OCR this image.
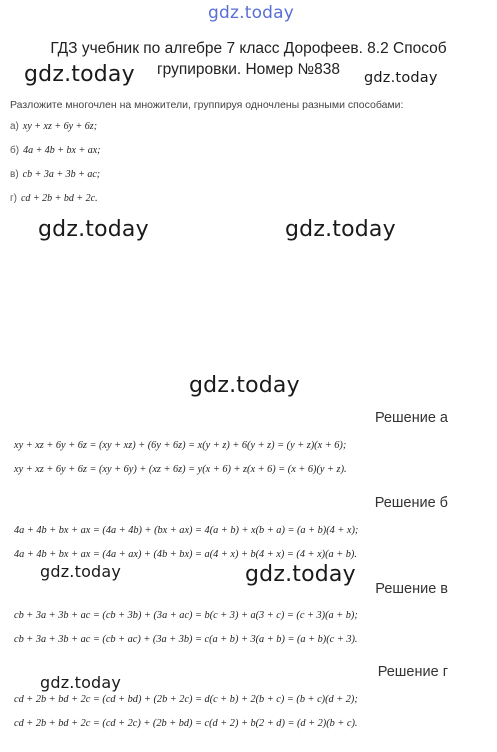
gdz.today
gdz.today	gdz.today
gdz.today	gdz.today
gdz.today
gdz.today	gdz.today
gdz.today
ГДЗ учебник по алгебре 7 класс Дорофеев. 8.2 Способ
групировки. Номер №838
Разложите многочлен на множители, группируя одночлены разными способами:
а) xy + xz + 6y + 6z;
б) 4a + 4b + bx + ax;
в) cb + 3a + 3b + ac;
г) cd + 2b + bd + 2c.
Решение а
xy + xz + 6y + 6z = (xy + xz) + (6y + 6z) = x(y + z) + 6(y + z) = (y + z)(x + 6);
xy + xz + 6y + 6z = (xy + 6y) + (xz + 6z) = y(x + 6) + z(x + 6) = (x + 6)(y + z).
Решение б
4a + 4b + bx + ax = (4a + 4b) + (bx + ax) = 4(a + b) + x(b + a) = (a + b)(4 + x);
4a + 4b + bx + ax = (4a + ax) + (4b + bx) = a(4 + x) + b(4 + x) = (4 + x)(a + b).
Решение в
cb + 3a + 3b + ac = (cb + 3b) + (3a + ac) = b(c + 3) + a(3 + c) = (c + 3)(a + b);
cb + 3a + 3b + ac = (cb + ac) + (3a + 3b) = c(a + b) + 3(a + b) = (a + b)(c + 3).
Решение г
cd + 2b + bd + 2c = (cd + bd) + (2b + 2c) = d(c + b) + 2(b + c) = (b + c)(d + 2);
cd + 2b + bd + 2c = (cd + 2c) + (2b + bd) = c(d + 2) + b(2 + d) = (d + 2)(b + c).
